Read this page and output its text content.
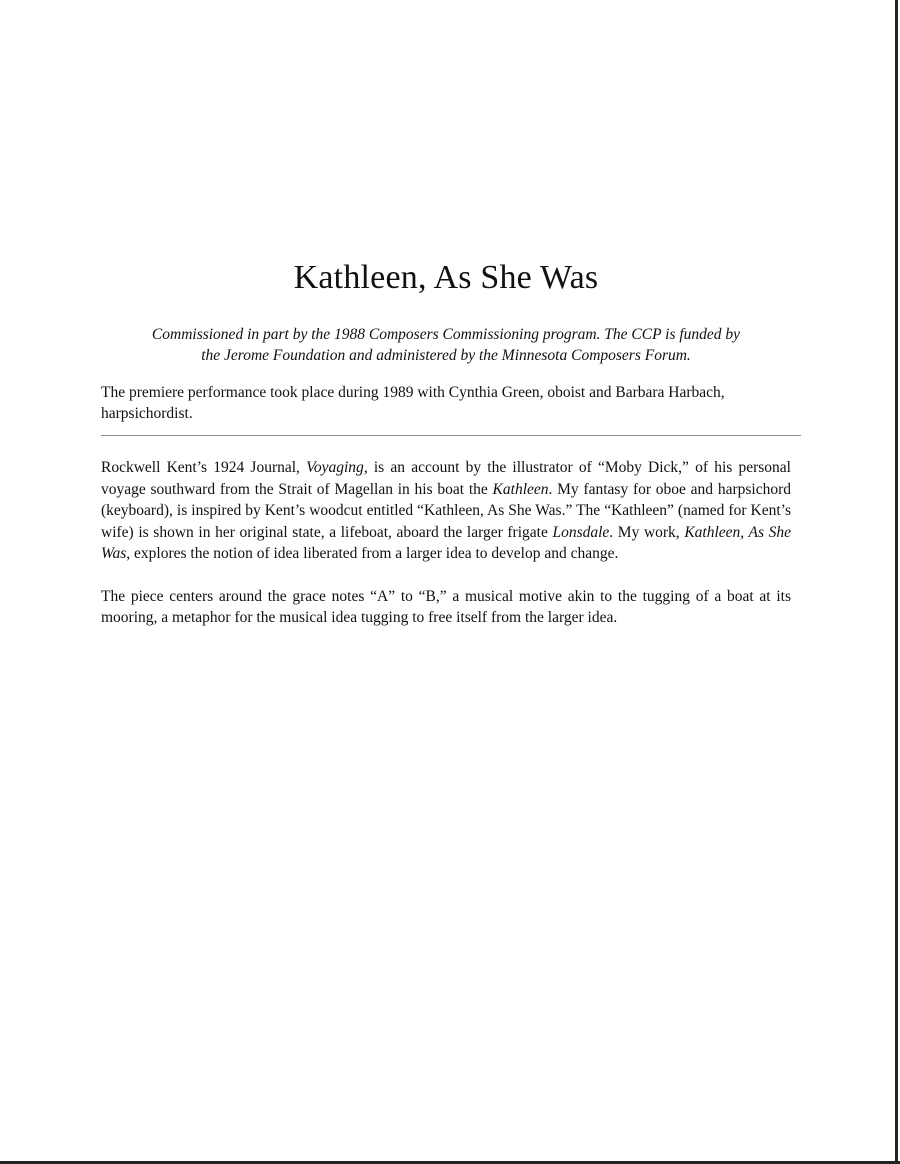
Kathleen, As She Was

Commissioned in part by the 1988 Composers Commissioning program. The CCP is funded by
the Jerome Foundation and administered by the Minnesota Composers Forum.

The premiere performance took place during 1989 with Cynthia Green, oboist and Barbara Harbach, harpsichordist.

Rockwell Kent’s 1924 Journal, Voyaging, is an account by the illustrator of “Moby Dick,” of his personal voyage southward from the Strait of Magellan in his boat the Kathleen. My fantasy for oboe and harpsichord (keyboard), is inspired by Kent’s woodcut entitled “Kathleen, As She Was.” The “Kathleen” (named for Kent’s wife) is shown in her original state, a lifeboat, aboard the larger frigate Lonsdale. My work, Kathleen, As She Was, explores the notion of idea liberated from a larger idea to develop and change.

The piece centers around the grace notes “A” to “B,” a musical motive akin to the tugging of a boat at its mooring, a metaphor for the musical idea tugging to free itself from the larger idea.
